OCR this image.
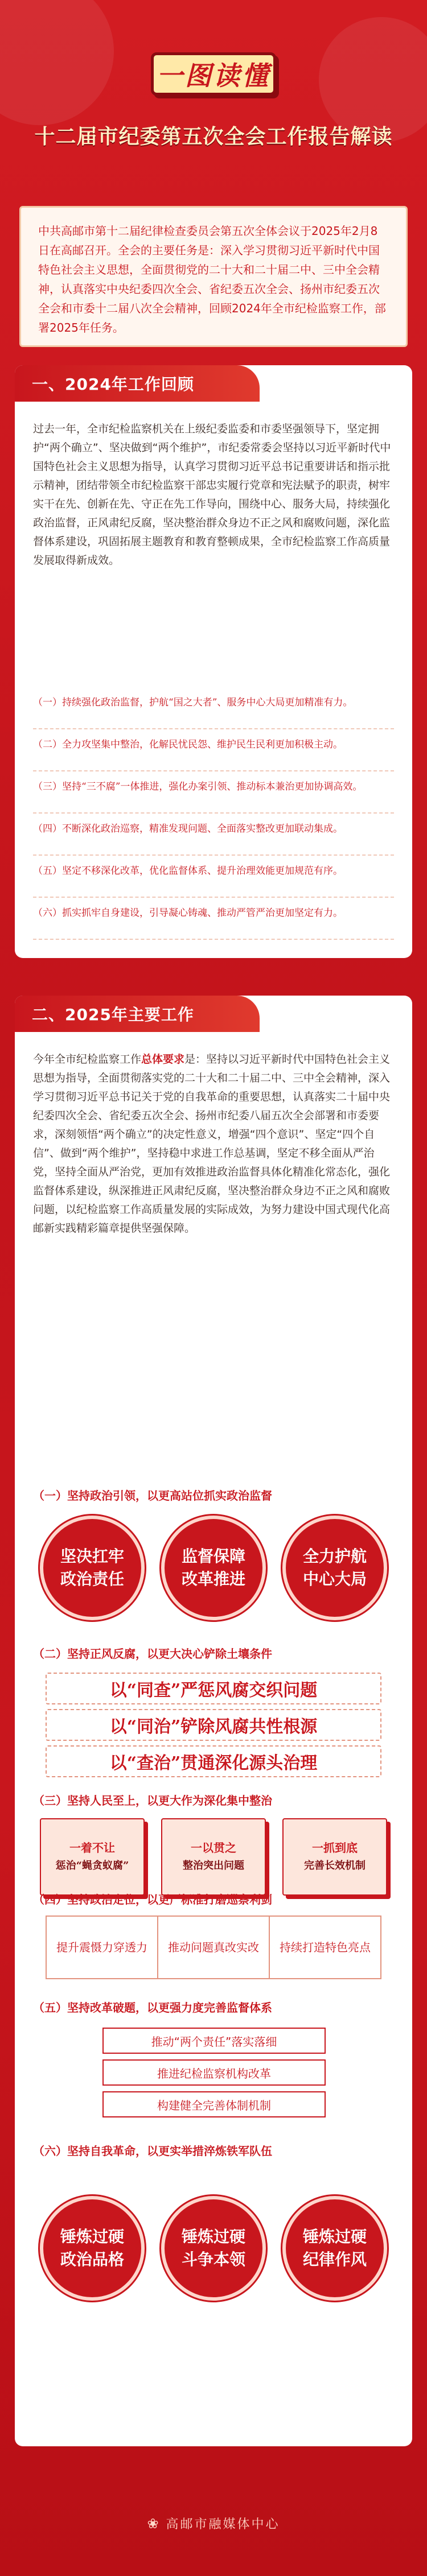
一图读懂
十二届市纪委第五次全会工作报告解读
中共高邮市第十二届纪律检查委员会第五次全体会议于2025年2月8日在高邮召开。全会的主要任务是：深入学习贯彻习近平新时代中国特色社会主义思想，全面贯彻党的二十大和二十届二中、三中全会精神，认真落实中央纪委四次全会、省纪委五次全会、扬州市纪委五次全会和市委十二届八次全会精神，回顾2024年全市纪检监察工作，部署2025年任务。
一、2024年工作回顾
过去一年，全市纪检监察机关在上级纪委监委和市委坚强领导下，坚定拥护“两个确立”、坚决做到“两个维护”，市纪委常委会坚持以习近平新时代中国特色社会主义思想为指导，认真学习贯彻习近平总书记重要讲话和指示批示精神，团结带领全市纪检监察干部忠实履行党章和宪法赋予的职责，树牢实干在先、创新在先、守正在先工作导向，围绕中心、服务大局，持续强化政治监督，正风肃纪反腐，坚决整治群众身边不正之风和腐败问题，深化监督体系建设，巩固拓展主题教育和教育整顿成果，全市纪检监察工作高质量发展取得新成效。
（一）持续强化政治监督，护航“国之大者”、服务中心大局更加精准有力。
（二）全力攻坚集中整治，化解民忧民怨、维护民生民利更加积极主动。
（三）坚持“三不腐”一体推进，强化办案引领、推动标本兼治更加协调高效。
（四）不断深化政治巡察，精准发现问题、全面落实整改更加联动集成。
（五）坚定不移深化改革，优化监督体系、提升治理效能更加规范有序。
（六）抓实抓牢自身建设，引导凝心铸魂、推动严管严治更加坚定有力。
二、2025年主要工作
今年全市纪检监察工作总体要求是：坚持以习近平新时代中国特色社会主义思想为指导，全面贯彻落实党的二十大和二十届二中、三中全会精神，深入学习贯彻习近平总书记关于党的自我革命的重要思想，认真落实二十届中央纪委四次全会、省纪委五次全会、扬州市纪委八届五次全会部署和市委要求，深刻领悟“两个确立”的决定性意义，增强“四个意识”、坚定“四个自信”、做到“两个维护”，坚持稳中求进工作总基调，坚定不移全面从严治党，坚持全面从严治党，更加有效推进政治监督具体化精准化常态化，强化监督体系建设，纵深推进正风肃纪反腐，坚决整治群众身边不正之风和腐败问题，以纪检监察工作高质量发展的实际成效，为努力建设中国式现代化高邮新实践精彩篇章提供坚强保障。
（一）坚持政治引领，以更高站位抓实政治监督
坚决扛牢政治责任
监督保障改革推进
全力护航中心大局
（二）坚持正风反腐，以更大决心铲除土壤条件
以“同查”严惩风腐交织问题
以“同治”铲除风腐共性根源
以“查治”贯通深化源头治理
（三）坚持人民至上，以更大作为深化集中整治
一着不让
惩治“蝇贪蚁腐”
一以贯之
整治突出问题
一抓到底
完善长效机制
（四）坚持政治定位，以更严标准打磨巡察利剑
提升震慑力穿透力	推动问题真改实改	持续打造特色亮点
（五）坚持改革破题，以更强力度完善监督体系
推动“两个责任”落实落细
推进纪检监察机构改革
构建健全完善体制机制
（六）坚持自我革命，以更实举措淬炼铁军队伍
锤炼过硬政治品格
锤炼过硬斗争本领
锤炼过硬纪律作风
❀ 高邮市融媒体中心
